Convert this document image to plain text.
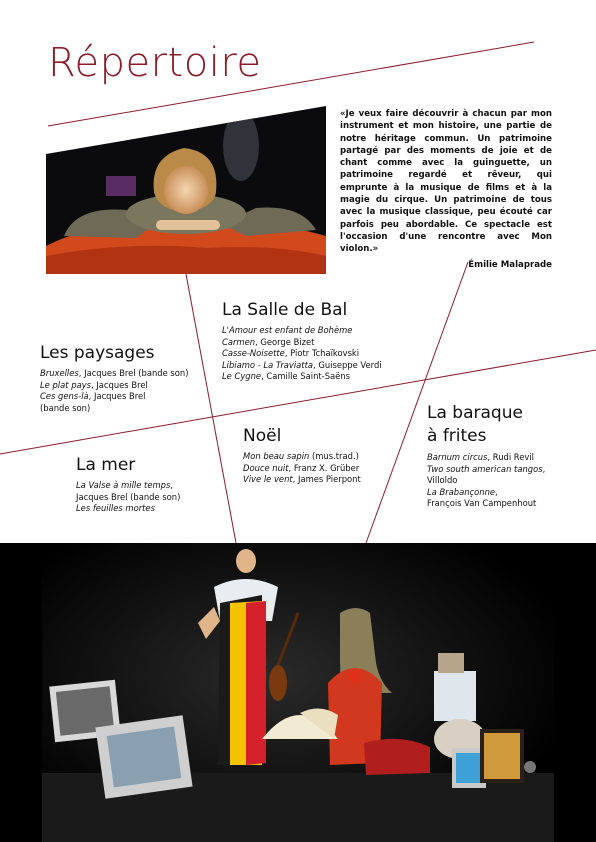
Répertoire
«Je veux faire découvrir à chacun par mon instrument et mon histoire, une partie de notre héritage commun. Un patrimoine partagé par des moments de joie et de chant comme avec la guinguette, un patrimoine regardé et rêveur, qui emprunte à la musique de films et à la magie du cirque. Un patrimoine de tous avec la musique classique, peu écouté car parfois peu abordable. Ce spectacle est l'occasion d'une rencontre avec Mon violon.»
Émilie Malaprade
La Salle de Bal
L'Amour est enfant de Bohème
Carmen, George Bizet
Casse-Noisette, Piotr Tchaïkovski
Libiamo - La Traviatta, Guiseppe Verdi
Le Cygne, Camille Saint-Saëns
Les paysages
Bruxelles, Jacques Brel (bande son)
Le plat pays, Jacques Brel
Ces gens-là, Jacques Brel
(bande son)	La baraque
à frites
Barnum circus, Rudi Revil
Two south american tangos,
Villoldo
La Brabançonne,
François Van Campenhout
Noël
Mon beau sapin (mus.trad.)
Douce nuit, Franz X. Grüber
Vive le vent, James Pierpont
La mer
La Valse à mille temps,
Jacques Brel (bande son)
Les feuilles mortes
